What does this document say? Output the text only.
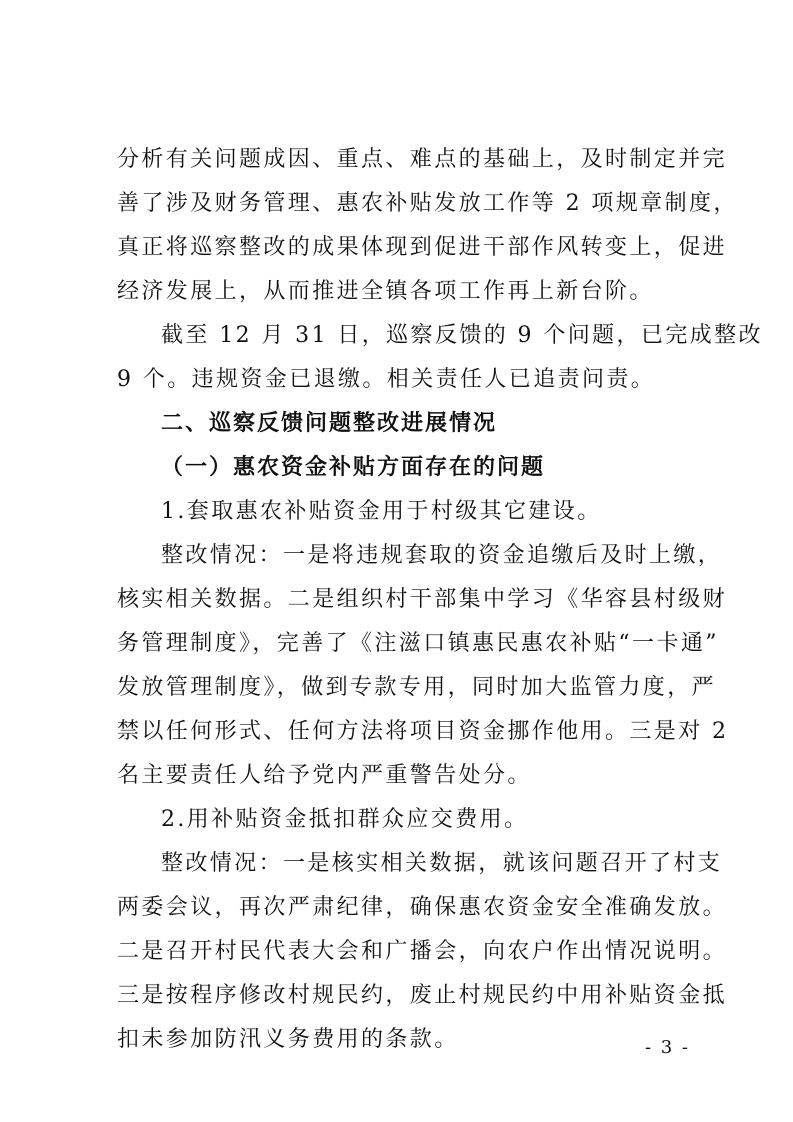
分析有关问题成因、重点、难点的基础上，及时制定并完
善了涉及财务管理、惠农补贴发放工作等 2 项规章制度，
真正将巡察整改的成果体现到促进干部作风转变上，促进
经济发展上，从而推进全镇各项工作再上新台阶。
截至 12 月 31 日，巡察反馈的 9 个问题，已完成整改
9 个。违规资金已退缴。相关责任人已追责问责。
二、巡察反馈问题整改进展情况
（一）惠农资金补贴方面存在的问题
1.套取惠农补贴资金用于村级其它建设。
整改情况：一是将违规套取的资金追缴后及时上缴，
核实相关数据。二是组织村干部集中学习《华容县村级财
务管理制度》，完善了《注滋口镇惠民惠农补贴“一卡通”
发放管理制度》，做到专款专用，同时加大监管力度，严
禁以任何形式、任何方法将项目资金挪作他用。三是对 2
名主要责任人给予党内严重警告处分。
2.用补贴资金抵扣群众应交费用。
整改情况：一是核实相关数据，就该问题召开了村支
两委会议，再次严肃纪律，确保惠农资金安全准确发放。
二是召开村民代表大会和广播会，向农户作出情况说明。
三是按程序修改村规民约，废止村规民约中用补贴资金抵
扣未参加防汛义务费用的条款。	- 3 -
